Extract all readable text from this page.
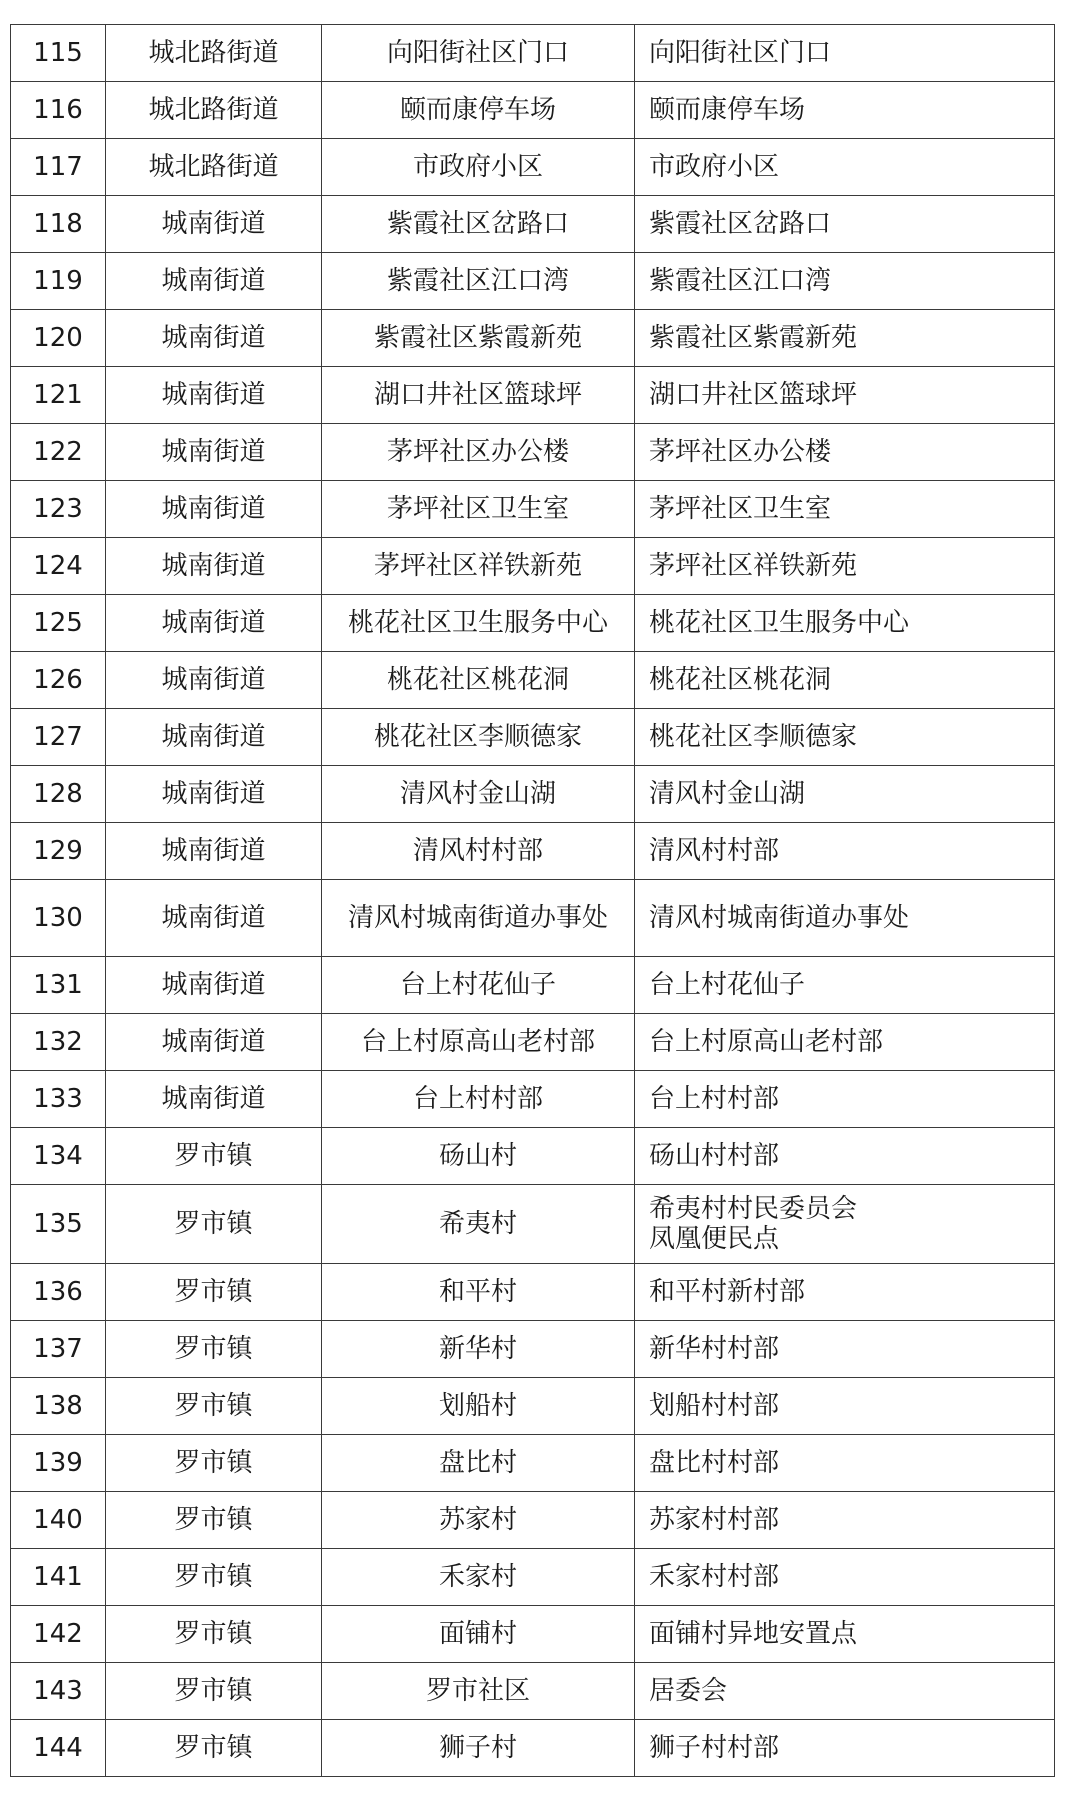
115	城北路街道	向阳街社区门口	向阳街社区门口

116	城北路街道	颐而康停车场	颐而康停车场

117	城北路街道	市政府小区	市政府小区

118	城南街道	紫霞社区岔路口	紫霞社区岔路口

119	城南街道	紫霞社区江口湾	紫霞社区江口湾

120	城南街道	紫霞社区紫霞新苑	紫霞社区紫霞新苑

121	城南街道	湖口井社区篮球坪	湖口井社区篮球坪

122	城南街道	茅坪社区办公楼	茅坪社区办公楼

123	城南街道	茅坪社区卫生室	茅坪社区卫生室

124	城南街道	茅坪社区祥铁新苑	茅坪社区祥铁新苑

125	城南街道	桃花社区卫生服务中心	桃花社区卫生服务中心

126	城南街道	桃花社区桃花洞	桃花社区桃花洞

127	城南街道	桃花社区李顺德家	桃花社区李顺德家

128	城南街道	清风村金山湖	清风村金山湖

129	城南街道	清风村村部	清风村村部

130	城南街道	清风村城南街道办事处	清风村城南街道办事处

131	城南街道	台上村花仙子	台上村花仙子

132	城南街道	台上村原高山老村部	台上村原高山老村部

133	城南街道	台上村村部	台上村村部

134	罗市镇	砀山村	砀山村村部

135	罗市镇	希夷村	希夷村村民委员会
凤凰便民点

136	罗市镇	和平村	和平村新村部

137	罗市镇	新华村	新华村村部

138	罗市镇	划船村	划船村村部

139	罗市镇	盘比村	盘比村村部

140	罗市镇	苏家村	苏家村村部

141	罗市镇	禾家村	禾家村村部

142	罗市镇	面铺村	面铺村异地安置点

143	罗市镇	罗市社区	居委会

144	罗市镇	狮子村	狮子村村部
